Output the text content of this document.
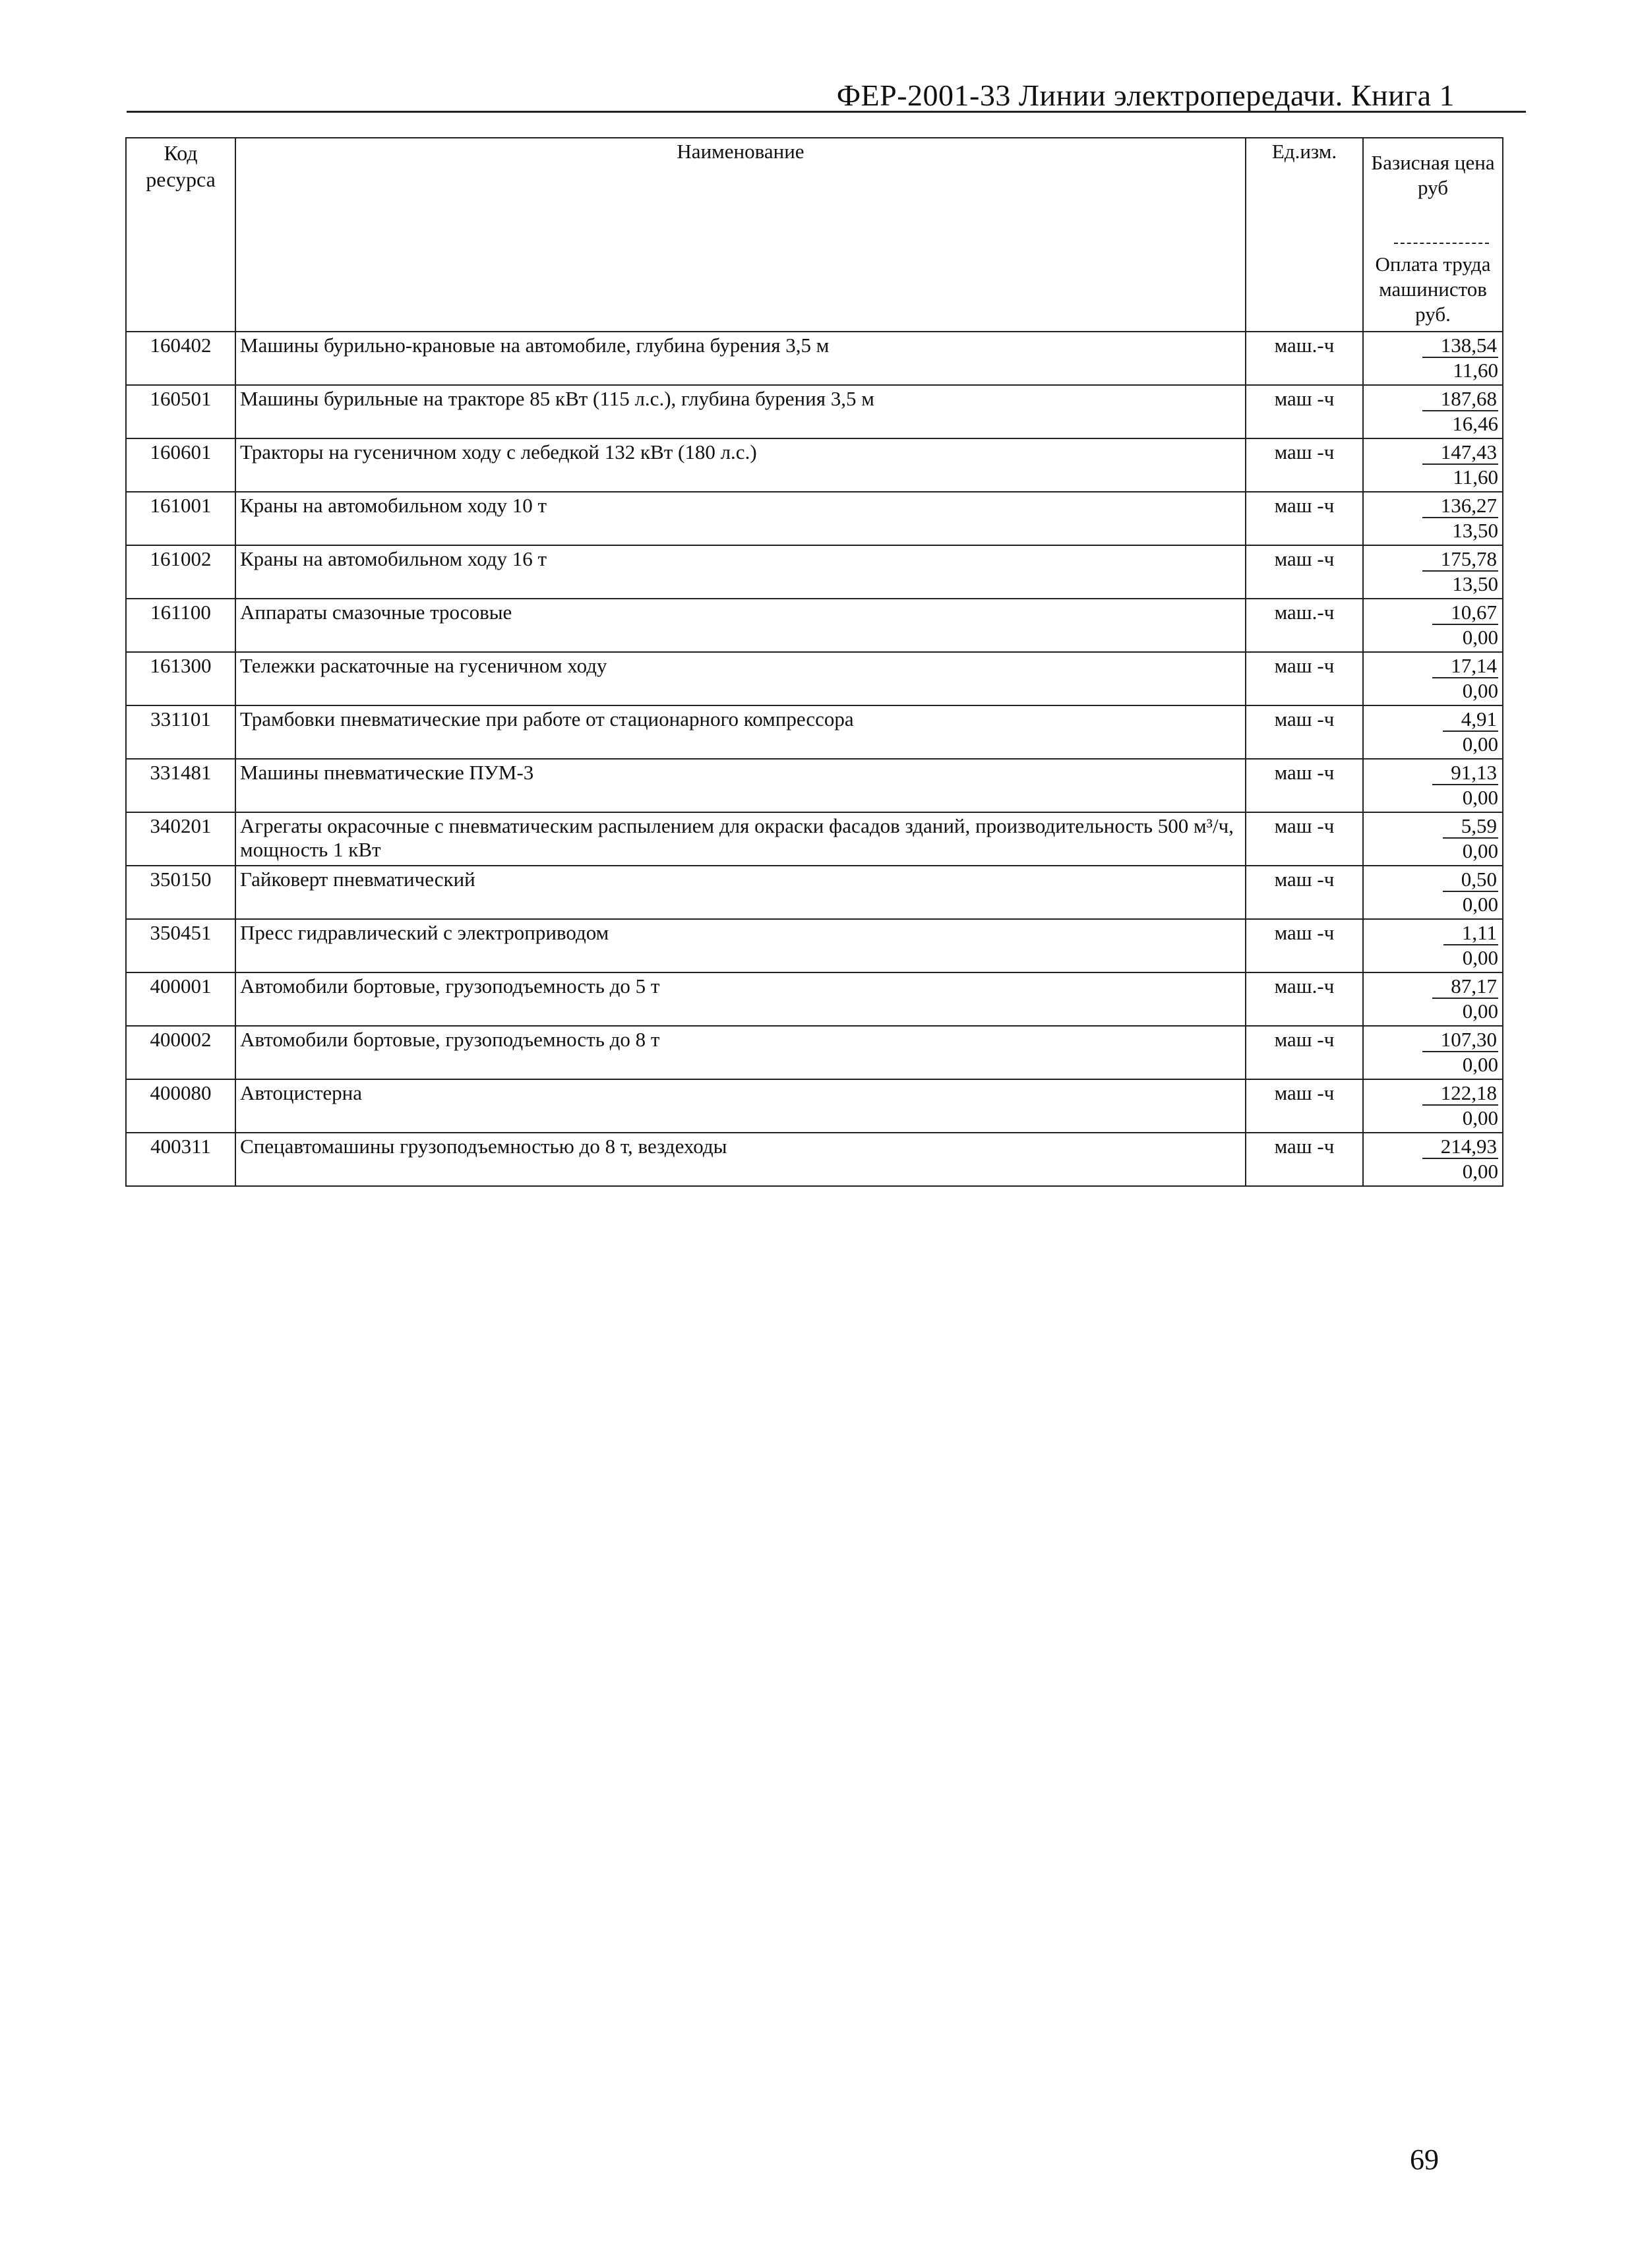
ФЕР-2001-33 Линии электропередачи. Книга 1
Код ресурса	Наименование	Ед.изм.	Базисная цена руб
Оплата труда машинистов руб.

160402	Машины бурильно-крановые на автомобиле, глубина бурения 3,5 м	маш.-ч	138,54
11,60

160501	Машины бурильные на тракторе 85 кВт (115 л.с.), глубина бурения 3,5 м	маш -ч	187,68
16,46

160601	Тракторы на гусеничном ходу с лебедкой 132 кВт (180 л.с.)	маш -ч	147,43
11,60

161001	Краны на автомобильном ходу 10 т	маш -ч	136,27
13,50

161002	Краны на автомобильном ходу 16 т	маш -ч	175,78
13,50

161100	Аппараты смазочные тросовые	маш.-ч	10,67
0,00

161300	Тележки раскаточные на гусеничном ходу	маш -ч	17,14
0,00

331101	Трамбовки пневматические при работе от стационарного компрессора	маш -ч	4,91
0,00

331481	Машины пневматические ПУМ-3	маш -ч	91,13
0,00

340201	Агрегаты окрасочные с пневматическим распылением для окраски фасадов зданий, производительность 500 м³/ч, мощность 1 кВт	маш -ч	5,59
0,00

350150	Гайковерт пневматический	маш -ч	0,50
0,00

350451	Пресс гидравлический с электроприводом	маш -ч	1,11
0,00

400001	Автомобили бортовые, грузоподъемность до 5 т	маш.-ч	87,17
0,00

400002	Автомобили бортовые, грузоподъемность до 8 т	маш -ч	107,30
0,00

400080	Автоцистерна	маш -ч	122,18
0,00

400311	Спецавтомашины грузоподъемностью до 8 т, вездеходы	маш -ч	214,93
0,00
69
